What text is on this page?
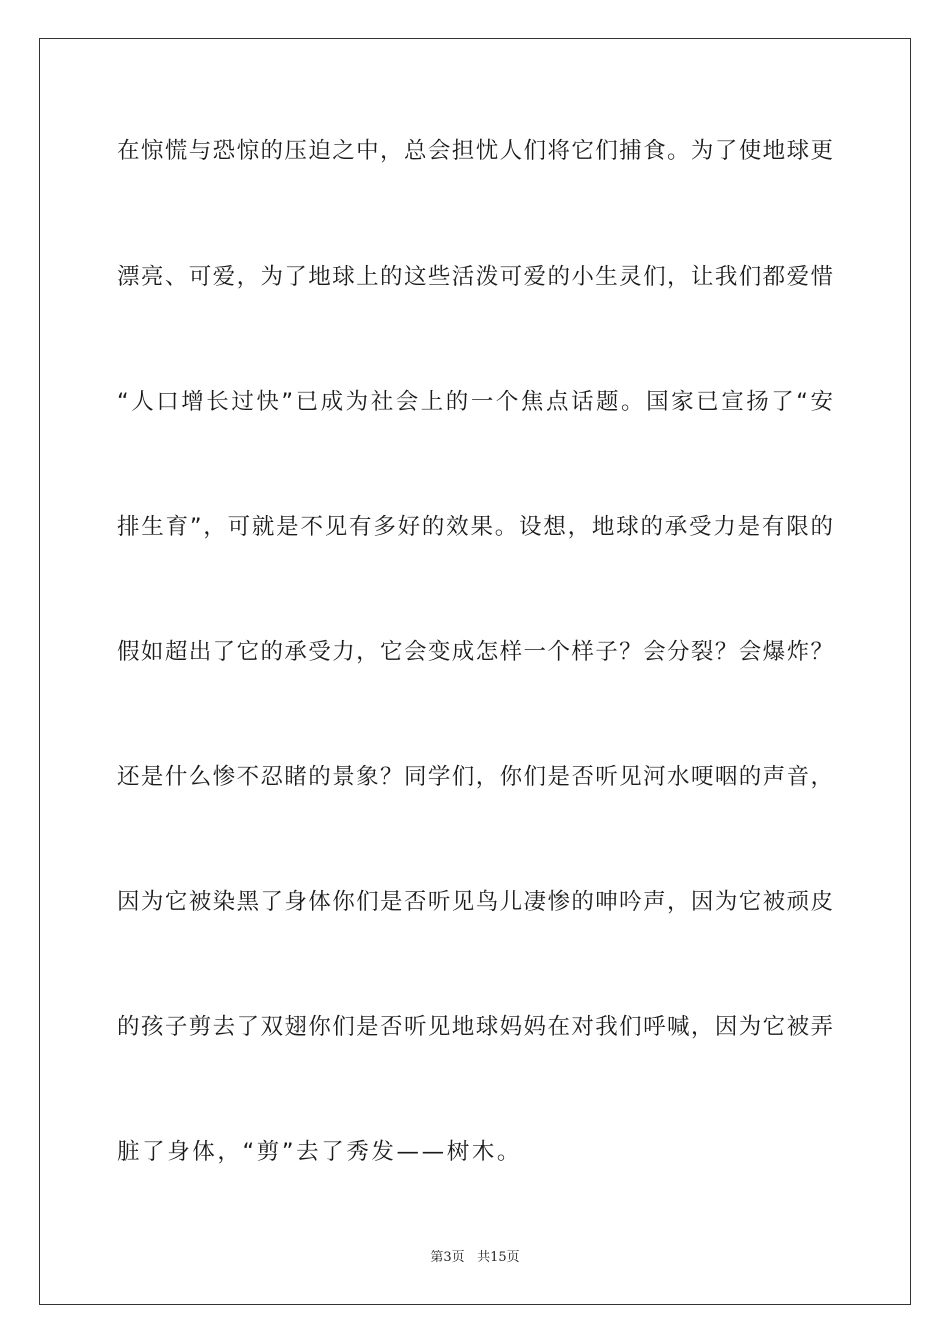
在惊慌与恐惊的压迫之中，总会担忧人们将它们捕食。为了使地球更
漂亮、可爱，为了地球上的这些活泼可爱的小生灵们，让我们都爱惜
“人口增长过快”已成为社会上的一个焦点话题。国家已宣扬了“安
排生育”，可就是不见有多好的效果。设想，地球的承受力是有限的
假如超出了它的承受力，它会变成怎样一个样子？会分裂？会爆炸？
还是什么惨不忍睹的景象？同学们，你们是否听见河水哽咽的声音，
因为它被染黑了身体你们是否听见鸟儿凄惨的呻吟声，因为它被顽皮
的孩子剪去了双翅你们是否听见地球妈妈在对我们呼喊，因为它被弄
脏了身体，“剪”去了秀发——树木。
第3页 共15页
